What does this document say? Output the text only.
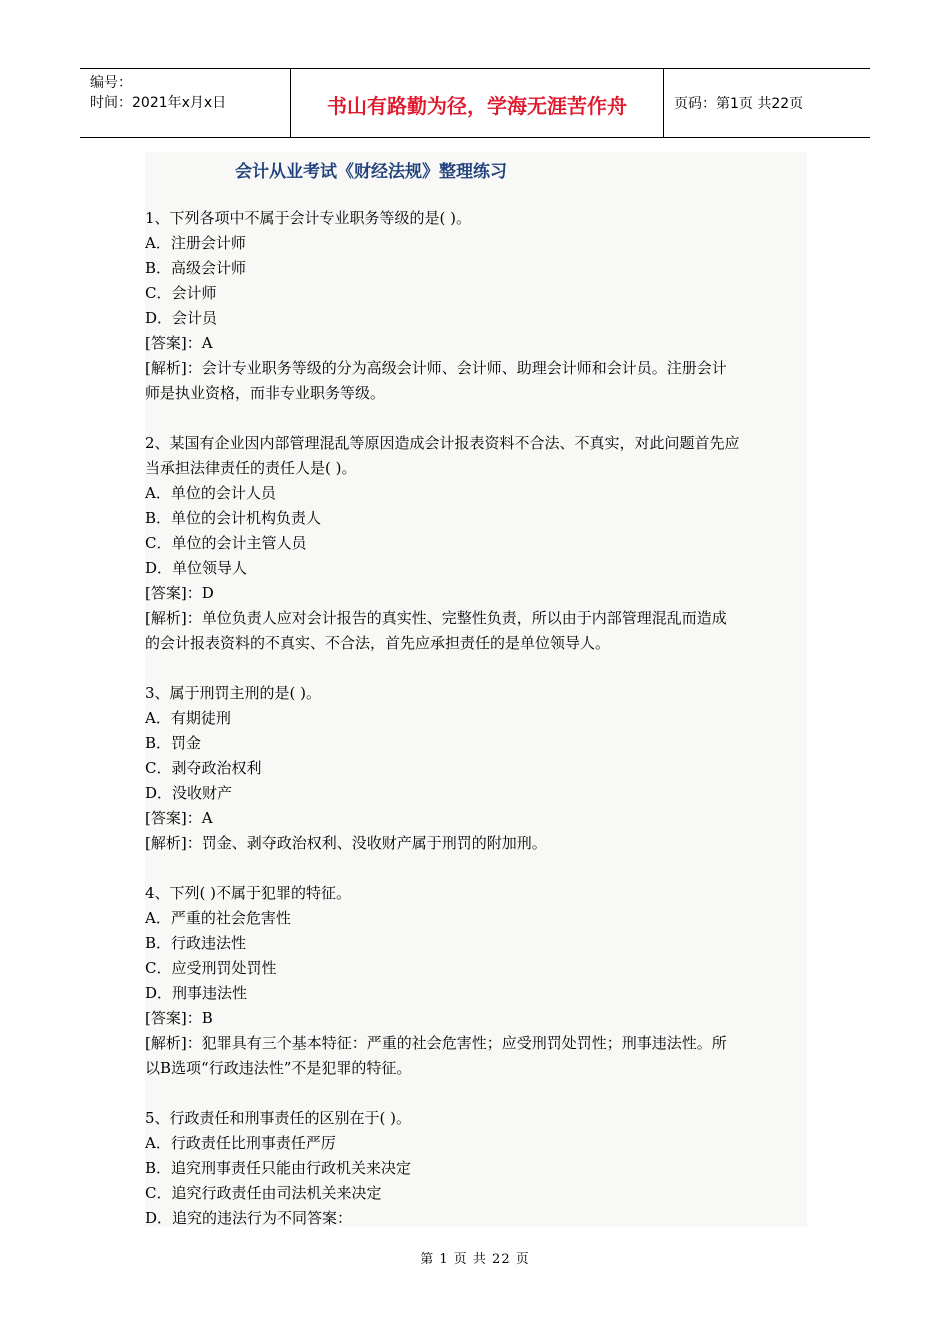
编号：
时间：2021年x月x日	书山有路勤为径，学海无涯苦作舟	页码：第1页 共22页
会计从业考试《财经法规》整理练习
1、下列各项中不属于会计专业职务等级的是( )。
A．注册会计师
B．高级会计师
C．会计师
D．会计员
[答案]：A
[解析]：会计专业职务等级的分为高级会计师、会计师、助理会计师和会计员。注册会计
师是执业资格，而非专业职务等级。
2、某国有企业因内部管理混乱等原因造成会计报表资料不合法、不真实，对此问题首先应
当承担法律责任的责任人是( )。
A．单位的会计人员
B．单位的会计机构负责人
C．单位的会计主管人员
D．单位领导人
[答案]：D
[解析]：单位负责人应对会计报告的真实性、完整性负责，所以由于内部管理混乱而造成
的会计报表资料的不真实、不合法，首先应承担责任的是单位领导人。
3、属于刑罚主刑的是( )。
A．有期徒刑
B．罚金
C．剥夺政治权利
D．没收财产
[答案]：A
[解析]：罚金、剥夺政治权利、没收财产属于刑罚的附加刑。
4、下列( )不属于犯罪的特征。
A．严重的社会危害性
B．行政违法性
C．应受刑罚处罚性
D．刑事违法性
[答案]：B
[解析]：犯罪具有三个基本特征：严重的社会危害性；应受刑罚处罚性；刑事违法性。所
以B选项“行政违法性”不是犯罪的特征。
5、行政责任和刑事责任的区别在于( )。
A．行政责任比刑事责任严厉
B．追究刑事责任只能由行政机关来决定
C．追究行政责任由司法机关来决定
D．追究的违法行为不同答案：
第 1 页 共 22 页
